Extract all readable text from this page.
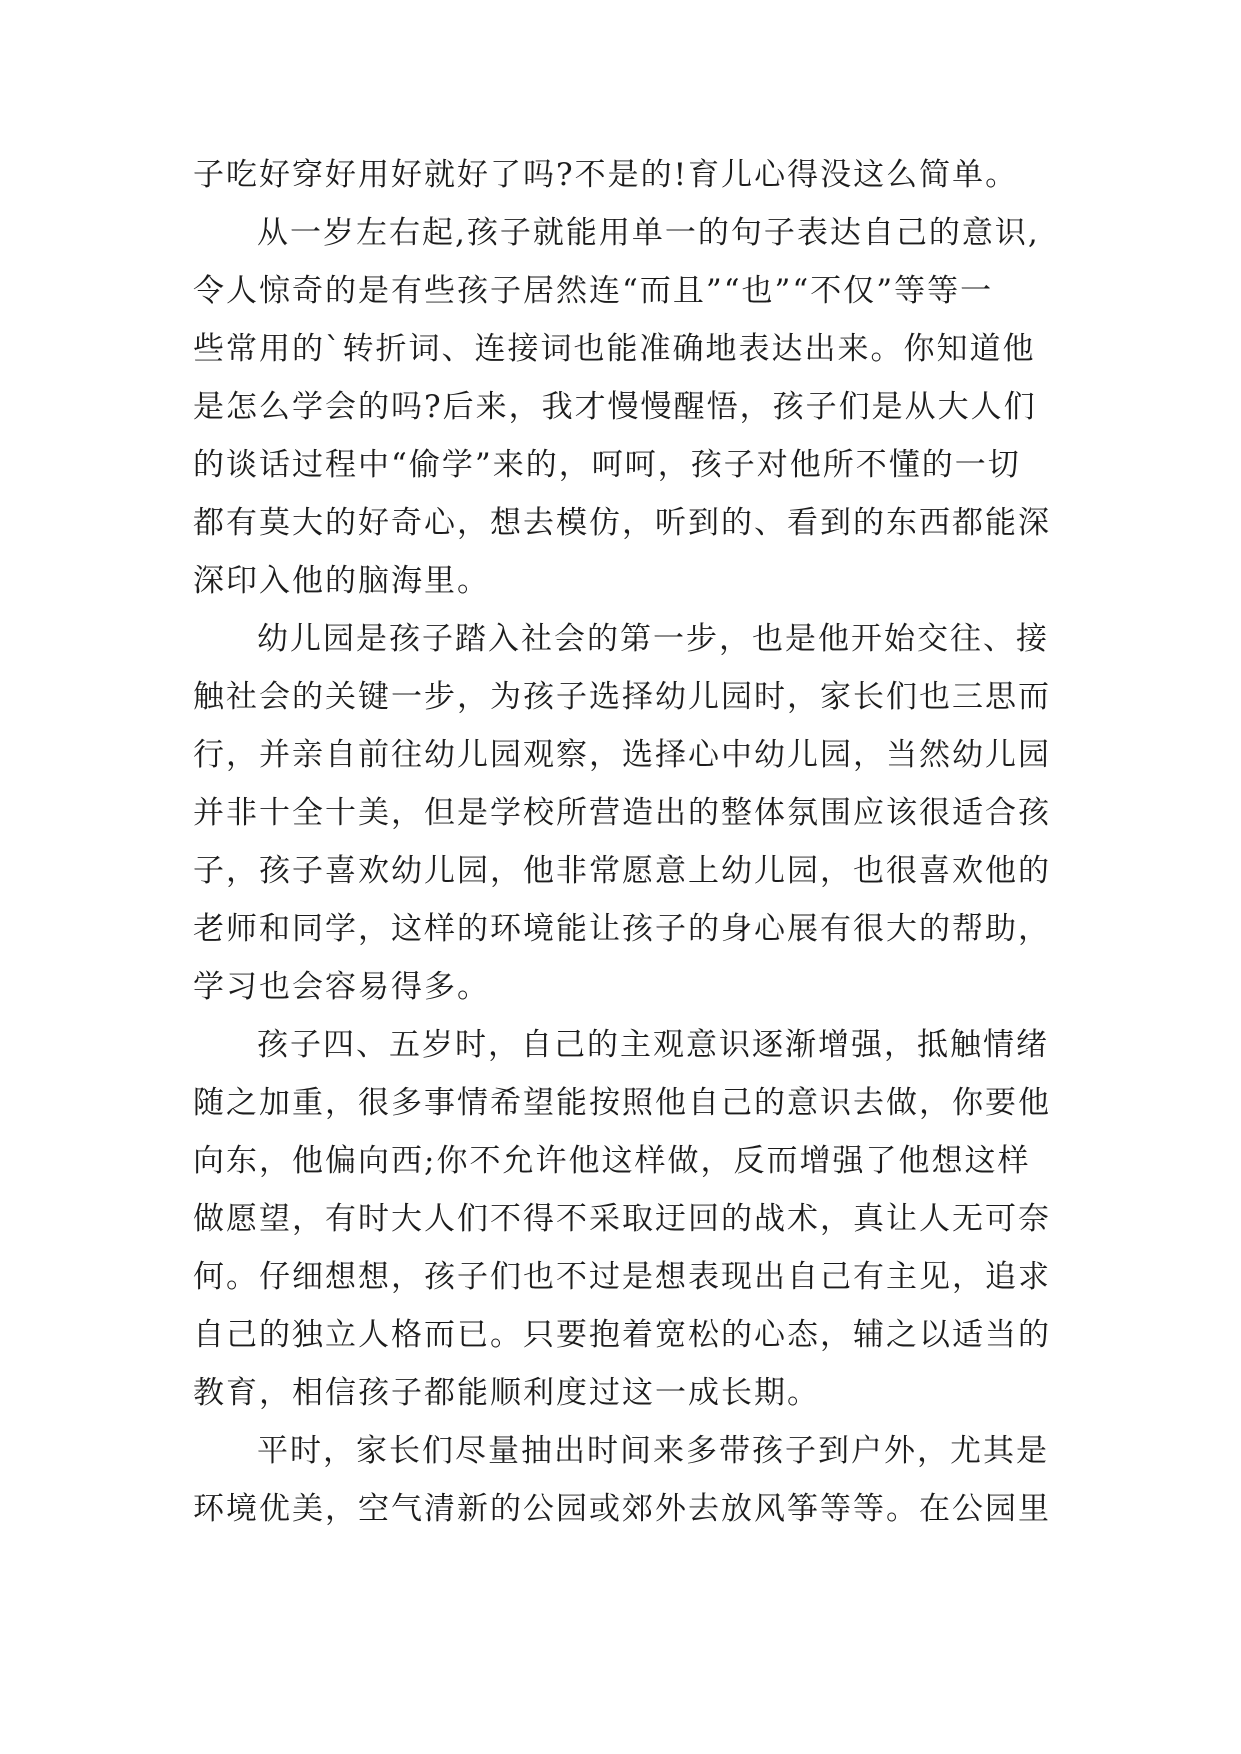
子吃好穿好用好就好了吗?不是的!育儿心得没这么简单。
从一岁左右起,孩子就能用单一的句子表达自己的意识,
令人惊奇的是有些孩子居然连“而且”“也”“不仅”等等一
些常用的`转折词、连接词也能准确地表达出来。你知道他
是怎么学会的吗?后来，我才慢慢醒悟，孩子们是从大人们
的谈话过程中“偷学”来的，呵呵，孩子对他所不懂的一切
都有莫大的好奇心，想去模仿，听到的、看到的东西都能深
深印入他的脑海里。
幼儿园是孩子踏入社会的第一步，也是他开始交往、接
触社会的关键一步，为孩子选择幼儿园时，家长们也三思而
行，并亲自前往幼儿园观察，选择心中幼儿园，当然幼儿园
并非十全十美，但是学校所营造出的整体氛围应该很适合孩
子，孩子喜欢幼儿园，他非常愿意上幼儿园，也很喜欢他的
老师和同学，这样的环境能让孩子的身心展有很大的帮助，
学习也会容易得多。
孩子四、五岁时，自己的主观意识逐渐增强，抵触情绪
随之加重，很多事情希望能按照他自己的意识去做，你要他
向东，他偏向西;你不允许他这样做，反而增强了他想这样
做愿望，有时大人们不得不采取迂回的战术，真让人无可奈
何。仔细想想，孩子们也不过是想表现出自己有主见，追求
自己的独立人格而已。只要抱着宽松的心态，辅之以适当的
教育，相信孩子都能顺利度过这一成长期。
平时，家长们尽量抽出时间来多带孩子到户外，尤其是
环境优美，空气清新的公园或郊外去放风筝等等。在公园里
